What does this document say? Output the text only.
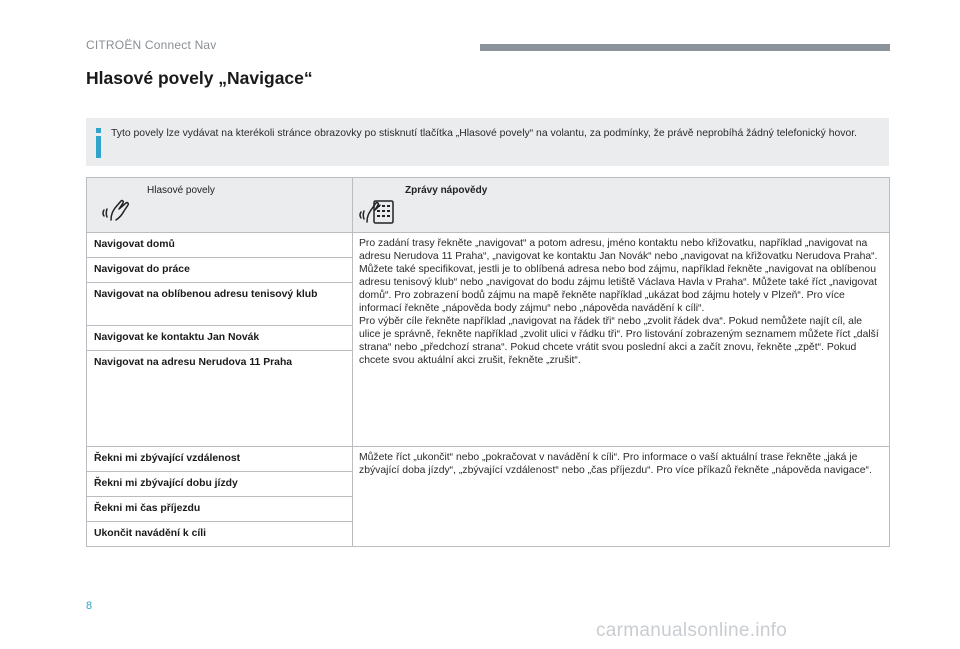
CITROËN Connect Nav
Hlasové povely „Navigace“
Tyto povely lze vydávat na kterékoli stránce obrazovky po stisknutí tlačítka „Hlasové povely“ na volantu, za podmínky, že právě neprobíhá žádný telefonický hovor.
Hlasové povely	Zprávy nápovědy

Navigovat domů	Pro zadání trasy řekněte „navigovat“ a potom adresu, jméno kontaktu nebo křižovatku, například „navigovat na adresu Nerudova 11 Praha“, „navigovat ke kontaktu Jan Novák“ nebo „navigovat na křižovatku Nerudova Praha“. Můžete také specifikovat, jestli je to oblíbená adresa nebo bod zájmu, například řekněte „navigovat na oblíbenou adresu tenisový klub“ nebo „navigovat do bodu zájmu letiště Václava Havla v Praha“. Můžete také říct „navigovat domů“. Pro zobrazení bodů zájmu na mapě řekněte například „ukázat bod zájmu hotely v Plzeň“. Pro více informací řekněte „nápověda body zájmu“ nebo „nápověda navádění k cíli“.
Pro výběr cíle řekněte například „navigovat na řádek tři“ nebo „zvolit řádek dva“. Pokud nemůžete najít cíl, ale ulice je správně, řekněte například „zvolit ulici v řádku tři“. Pro listování zobrazeným seznamem můžete říct „další strana“ nebo „předchozí strana“. Pokud chcete vrátit svou poslední akci a začít znovu, řekněte „zpět“. Pokud chcete svou aktuální akci zrušit, řekněte „zrušit“.

Navigovat do práce	
Navigovat na oblíbenou adresu tenisový klub	
Navigovat ke kontaktu Jan Novák	
Navigovat na adresu Nerudova 11 Praha	
Řekni mi zbývající vzdálenost	Můžete říct „ukončit“ nebo „pokračovat v navádění k cíli“. Pro informace o vaší aktuální trase řekněte „jaká je zbývající doba jízdy“, „zbývající vzdálenost“ nebo „čas příjezdu“. Pro více příkazů řekněte „nápověda navigace“.
Řekni mi zbývající dobu jízdy	
Řekni mi čas příjezdu	
Ukončit navádění k cíli	
8
carmanualsonline.info
